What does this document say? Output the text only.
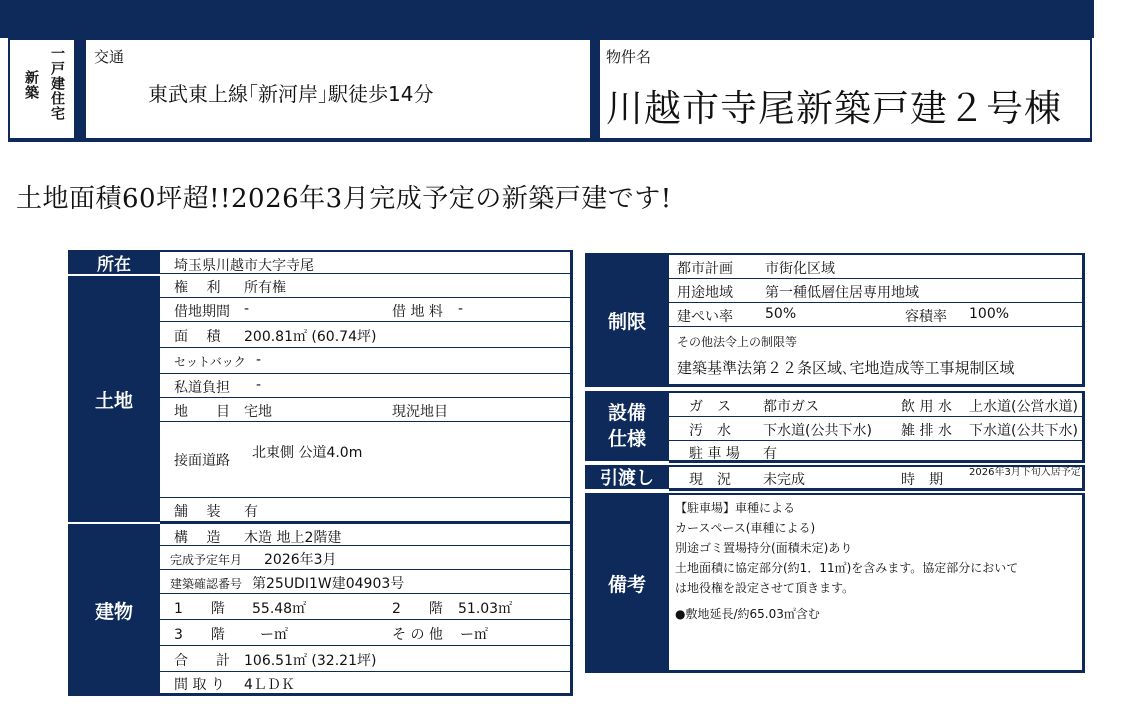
一戸建住宅
新築
交通
東武東上線｢新河岸｣駅徒歩14分
物件名
川越市寺尾新築戸建２号棟
土地面積60坪超!!2026年3月完成予定の新築戸建です!
所在
土地
建物
埼玉県川越市大字寺尾
権　 利 所有権
借地期間 -	借 地 料 -
面　 積 200.81㎡ (60.74坪)
セットバック -
私道負担 -
地　　目 宅地	現況地目
接面道路 北東側 公道4.0m
舗　 装 有
構　 造 木造 地上2階建
完成予定年月 2026年3月
建築確認番号 第25UDI1W建04903号
1　　階 55.48㎡	2　　階 51.03㎡
3　　階	ー㎡	そ の 他 ー㎡
合　　計 106.51㎡ (32.21坪)
間 取 り 4ＬＤＫ
制限
都市計画 市街化区域
用途地域 第一種低層住居専用地域
建ぺい率 50%	容積率 100%
その他法令上の制限等
建築基準法第２２条区域､宅地造成等工事規制区域
設備仕様
ガ　ス 都市ガス	飲 用 水 上水道(公営水道)
汚　水 下水道(公共下水) 雑 排 水 下水道(公共下水)
駐 車 場 有
引渡し	現　況 未完成	時　期	2026年3月下旬入居予定
備考
【駐車場】車種による
カースペース(車種による)
別途ゴミ置場持分(面積未定)あり
土地面積に協定部分(約1．11㎡)を含みます。協定部分において
は地役権を設定させて頂きます。
●敷地延長/約65.03㎡含む
